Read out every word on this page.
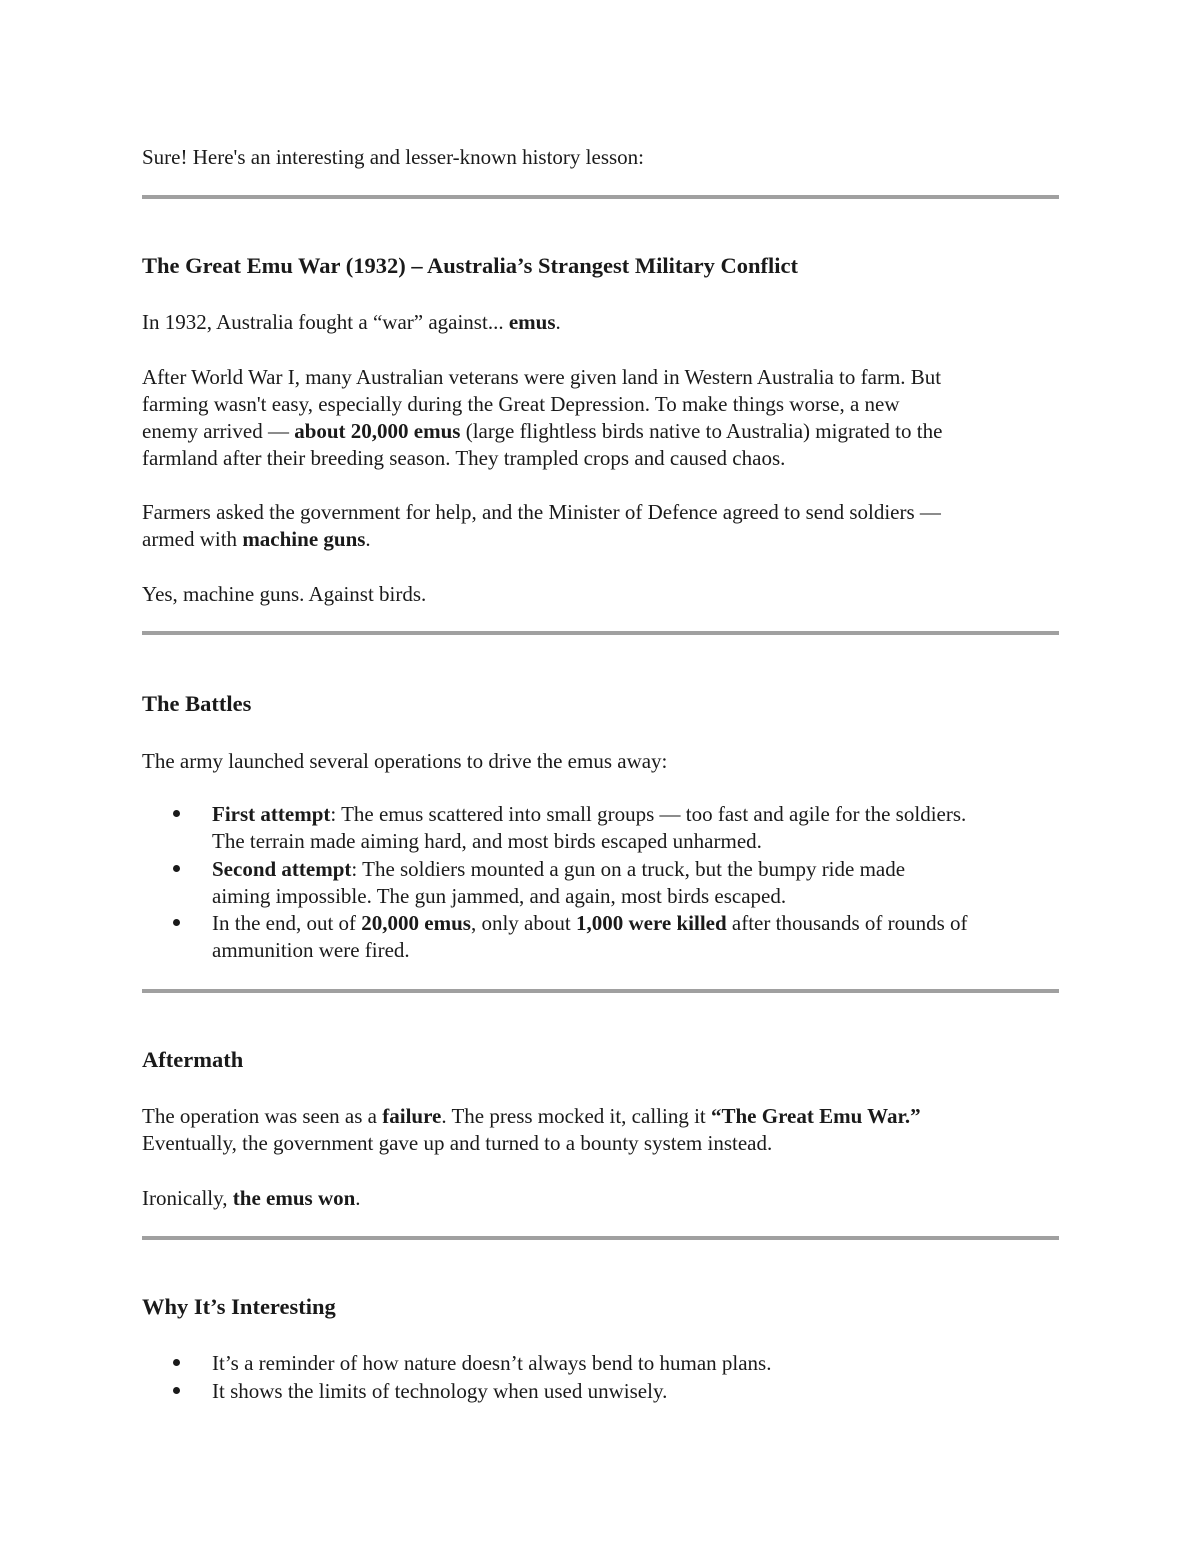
Sure! Here's an interesting and lesser-known history lesson:
The Great Emu War (1932) – Australia’s Strangest Military Conflict
In 1932, Australia fought a “war” against... emus.
After World War I, many Australian veterans were given land in Western Australia to farm. But
farming wasn't easy, especially during the Great Depression. To make things worse, a new
enemy arrived — about 20,000 emus (large flightless birds native to Australia) migrated to the
farmland after their breeding season. They trampled crops and caused chaos.
Farmers asked the government for help, and the Minister of Defence agreed to send soldiers —
armed with machine guns.
Yes, machine guns. Against birds.
The Battles
The army launched several operations to drive the emus away:
First attempt: The emus scattered into small groups — too fast and agile for the soldiers.
The terrain made aiming hard, and most birds escaped unharmed.
Second attempt: The soldiers mounted a gun on a truck, but the bumpy ride made
aiming impossible. The gun jammed, and again, most birds escaped.
In the end, out of 20,000 emus, only about 1,000 were killed after thousands of rounds of
ammunition were fired.
Aftermath
The operation was seen as a failure. The press mocked it, calling it “The Great Emu War.”
Eventually, the government gave up and turned to a bounty system instead.
Ironically, the emus won.
Why It’s Interesting
It’s a reminder of how nature doesn’t always bend to human plans.
It shows the limits of technology when used unwisely.
